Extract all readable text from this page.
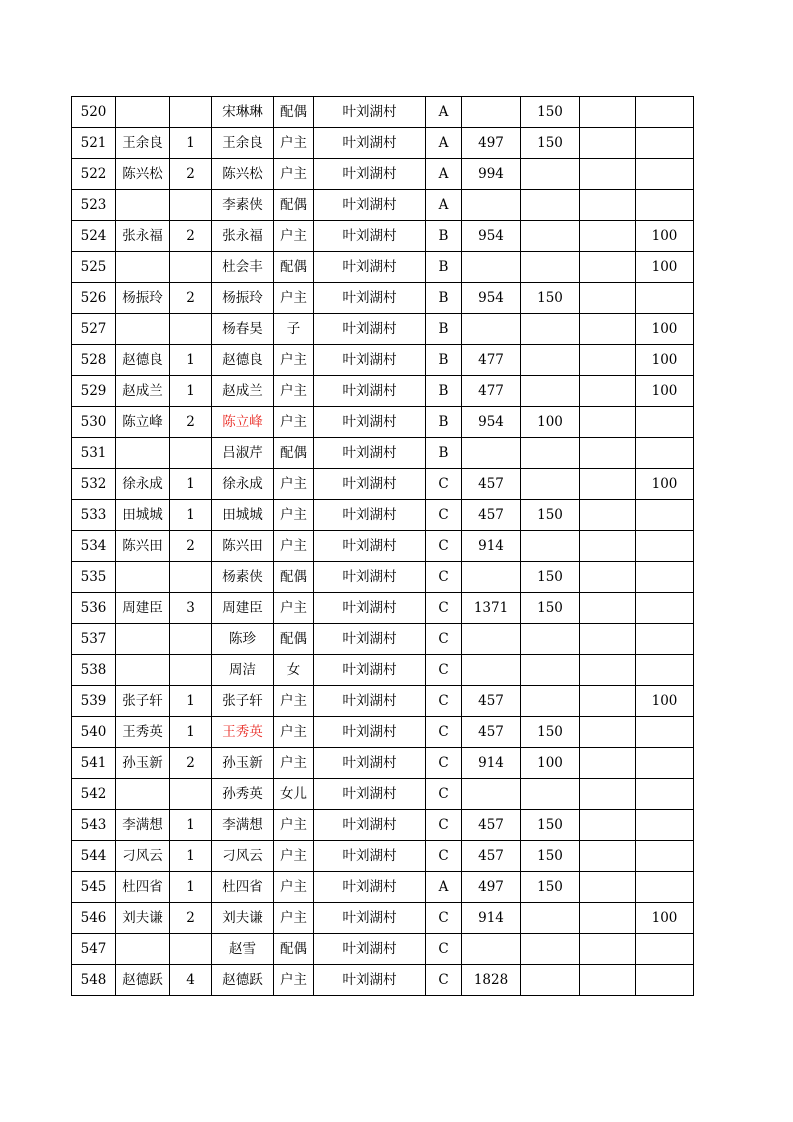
520			宋琳琳	配偶	叶刘湖村	A		150		
521	王余良	1	王余良	户主	叶刘湖村	A	497	150		
522	陈兴松	2	陈兴松	户主	叶刘湖村	A	994			
523			李素侠	配偶	叶刘湖村	A				
524	张永福	2	张永福	户主	叶刘湖村	B	954			100
525			杜会丰	配偶	叶刘湖村	B				100
526	杨振玲	2	杨振玲	户主	叶刘湖村	B	954	150		
527			杨春昊	子	叶刘湖村	B				100
528	赵德良	1	赵德良	户主	叶刘湖村	B	477			100
529	赵成兰	1	赵成兰	户主	叶刘湖村	B	477			100
530	陈立峰	2	陈立峰	户主	叶刘湖村	B	954	100		
531			吕淑芹	配偶	叶刘湖村	B				
532	徐永成	1	徐永成	户主	叶刘湖村	C	457			100
533	田城城	1	田城城	户主	叶刘湖村	C	457	150		
534	陈兴田	2	陈兴田	户主	叶刘湖村	C	914			
535			杨素侠	配偶	叶刘湖村	C		150		
536	周建臣	3	周建臣	户主	叶刘湖村	C	1371	150		
537			陈珍	配偶	叶刘湖村	C				
538			周洁	女	叶刘湖村	C				
539	张子轩	1	张子轩	户主	叶刘湖村	C	457			100
540	王秀英	1	王秀英	户主	叶刘湖村	C	457	150		
541	孙玉新	2	孙玉新	户主	叶刘湖村	C	914	100		
542			孙秀英	女儿	叶刘湖村	C				
543	李满想	1	李满想	户主	叶刘湖村	C	457	150		
544	刁风云	1	刁风云	户主	叶刘湖村	C	457	150		
545	杜四省	1	杜四省	户主	叶刘湖村	A	497	150		
546	刘夫谦	2	刘夫谦	户主	叶刘湖村	C	914			100
547			赵雪	配偶	叶刘湖村	C				
548	赵德跃	4	赵德跃	户主	叶刘湖村	C	1828			
